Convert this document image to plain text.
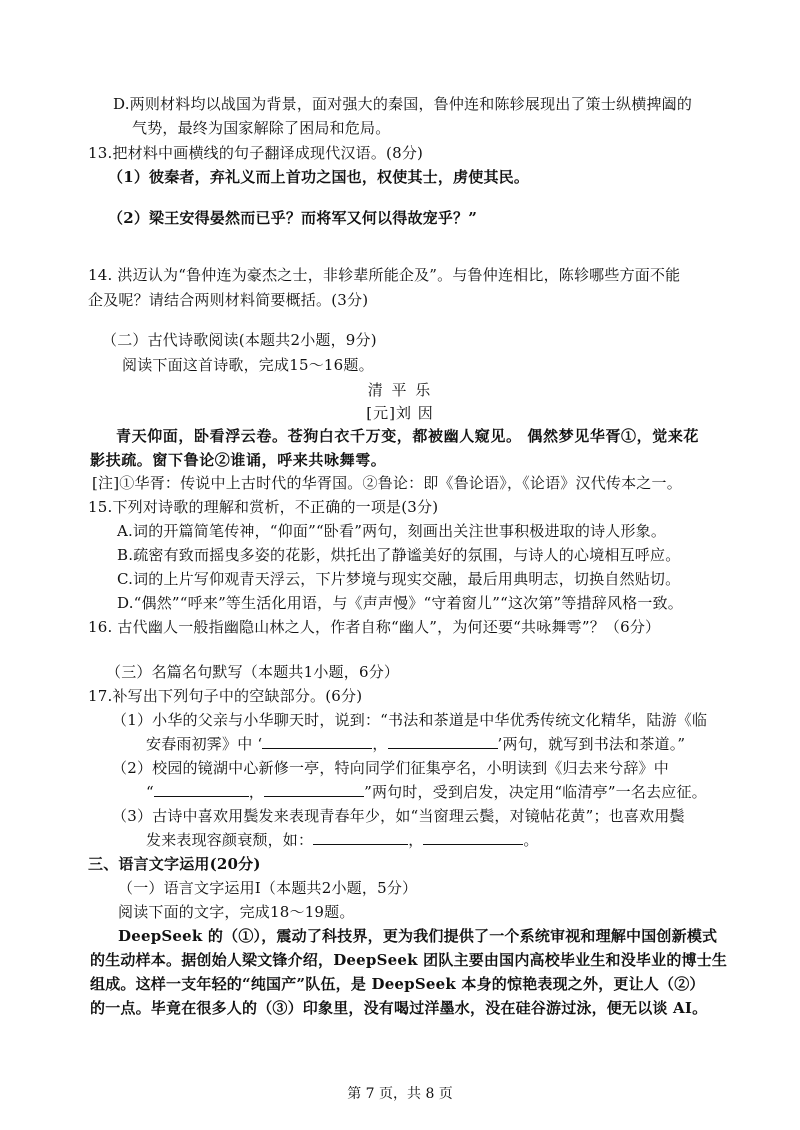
D.两则材料均以战国为背景，面对强大的秦国，鲁仲连和陈轸展现出了策士纵横捭阖的
气势，最终为国家解除了困局和危局。
13.把材料中画横线的句子翻译成现代汉语。(8分)
（1）彼秦者，弃礼义而上首功之国也，权使其士，虏使其民。
（2）梁王安得晏然而已乎？而将军又何以得故宠乎？”
14. 洪迈认为“鲁仲连为豪杰之士，非轸辈所能企及”。与鲁仲连相比，陈轸哪些方面不能
企及呢？请结合两则材料简要概括。(3分)
（二）古代诗歌阅读(本题共2小题，9分)
阅读下面这首诗歌，完成15～16题。
清 平 乐
[元]刘 因
青天仰面，卧看浮云卷。苍狗白衣千万变，都被幽人窥见。 偶然梦见华胥①，觉来花
影扶疏。窗下鲁论②谁诵，呼来共咏舞雩。
[注]①华胥：传说中上古时代的华胥国。②鲁论：即《鲁论语》，《论语》汉代传本之一。
15.下列对诗歌的理解和赏析，不正确的一项是(3分)
A.词的开篇简笔传神，“仰面”“卧看”两句，刻画出关注世事积极进取的诗人形象。
B.疏密有致而摇曳多姿的花影，烘托出了静谧美好的氛围，与诗人的心境相互呼应。
C.词的上片写仰观青天浮云，下片梦境与现实交融，最后用典明志，切换自然贴切。
D.“偶然”“呼来”等生活化用语，与《声声慢》“守着窗儿”“这次第”等措辞风格一致。
16. 古代幽人一般指幽隐山林之人，作者自称“幽人”，为何还要“共咏舞雩”？（6分）
（三）名篇名句默写（本题共1小题，6分）
17.补写出下列句子中的空缺部分。(6分)
（1）小华的父亲与小华聊天时，说到：“书法和茶道是中华优秀传统文化精华，陆游《临
安春雨初霁》中 ‘	，	’两句，就写到书法和茶道。”
（2）校园的镜湖中心新修一亭，特向同学们征集亭名，小明读到《归去来兮辞》中
“	，	”两句时，受到启发，决定用“临清亭”一名去应征。
（3）古诗中喜欢用鬓发来表现青春年少，如“当窗理云鬓，对镜帖花黄”；也喜欢用鬓
发来表现容颜衰颓，如：	，	。
三、语言文字运用(20分)
（一）语言文字运用Ⅰ（本题共2小题，5分）
阅读下面的文字，完成18～19题。
DeepSeek 的（①），震动了科技界，更为我们提供了一个系统审视和理解中国创新模式
的生动样本。据创始人梁文锋介绍，DeepSeek 团队主要由国内高校毕业生和没毕业的博士生
组成。这样一支年轻的“纯国产”队伍，是 DeepSeek 本身的惊艳表现之外，更让人（②）
的一点。毕竟在很多人的（③）印象里，没有喝过洋墨水，没在硅谷游过泳，便无以谈 AI。
第 7 页，共 8 页
